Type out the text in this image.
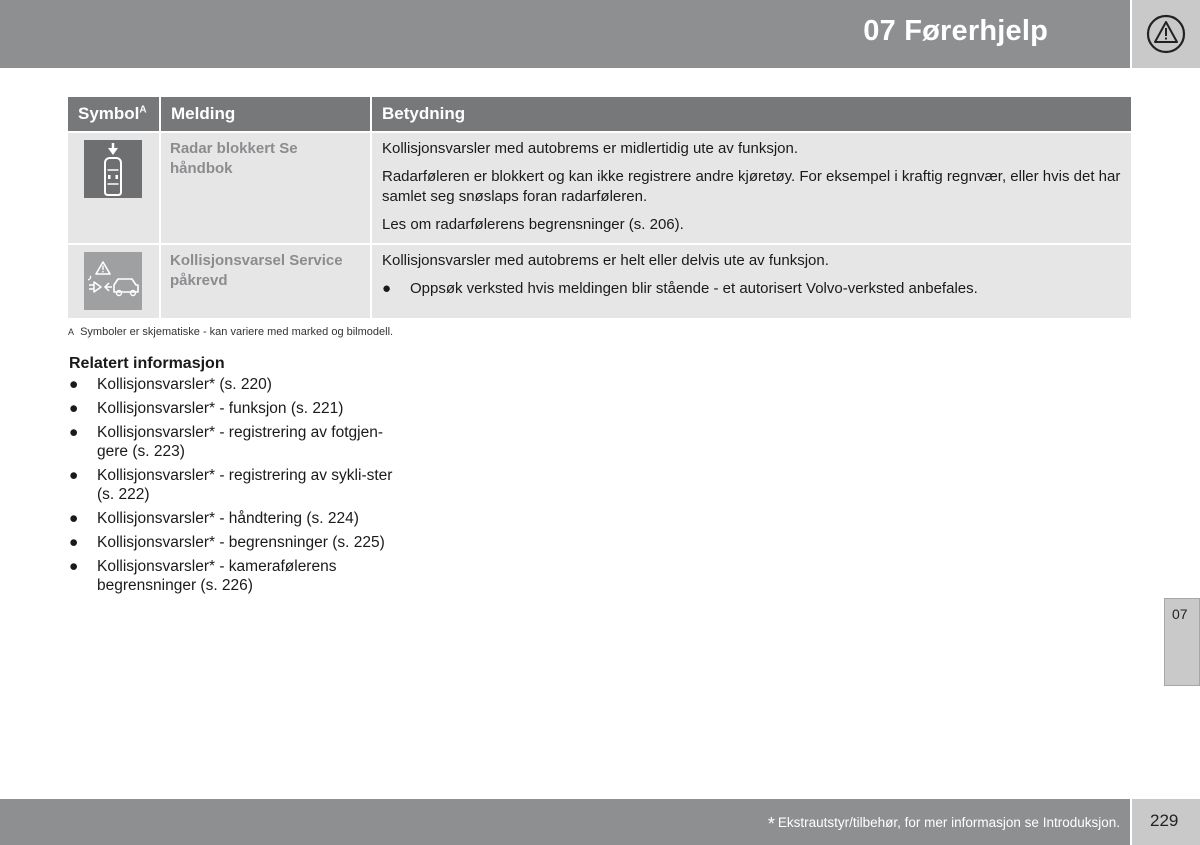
07 Førerhjelp
Symbol$^A$	Melding	Betydning

	Radar blokkert Se håndbok	Kollisjonsvarsler med autobrems er midlertidig ute av funksjon.

Radarføleren er blokkert og kan ikke registrere andre kjøretøy. For eksempel i kraftig regnvær, eller hvis det har samlet seg snøslaps foran radarføleren.

Les om radarfølerens begrensninger (s. 206).

	Kollisjonsvarsel Service påkrevd	Kollisjonsvarsler med autobrems er helt eller delvis ute av funksjon.

● Oppsøk verksted hvis meldingen blir stående - et autorisert Volvo-verksted anbefales.

A Symboler er skjematiske - kan variere med marked og bilmodell.
Relatert informasjon
● Kollisjonsvarsler* (s. 220)
● Kollisjonsvarsler* - funksjon (s. 221)
● Kollisjonsvarsler* - registrering av fotgjen-gere (s. 223)
● Kollisjonsvarsler* - registrering av sykli-ster (s. 222)
● Kollisjonsvarsler* - håndtering (s. 224)
● Kollisjonsvarsler* - begrensninger (s. 225)
● Kollisjonsvarsler* - kamerafølerens begrensninger (s. 226)
07
* Ekstrautstyr/tilbehør, for mer informasjon se Introduksjon. 229
